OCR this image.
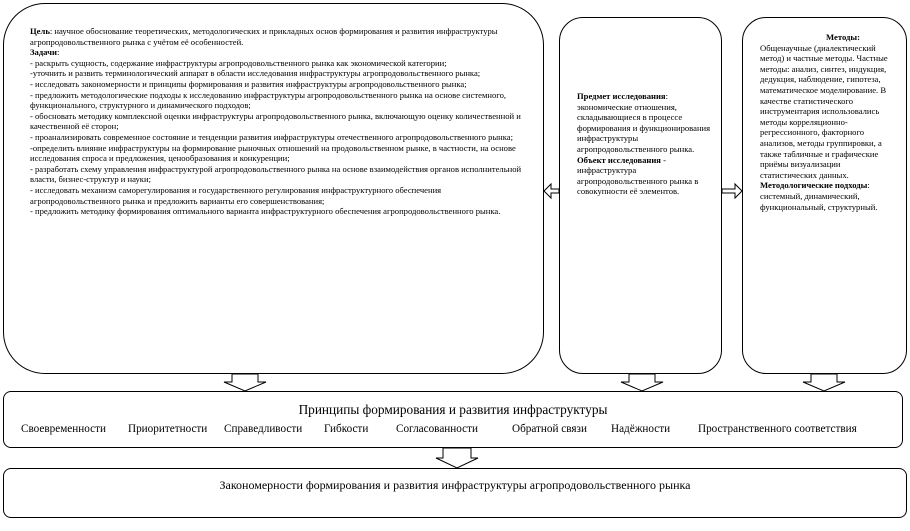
Цель: научное обоснование теоретических, методологических и прикладных основ формирования и развития инфраструктуры агропродовольственного рынка с учётом её особенностей.

Задачи:

- раскрыть сущность, содержание инфраструктуры агропродовольственного рынка как экономической категории;

-уточнить и развить терминологический аппарат в области исследования инфраструктуры агропродовольственного рынка;

- исследовать закономерности и принципы формирования и развития инфраструктуры агропродовольственного рынка;

- предложить методологические подходы к исследованию инфраструктуры агропродовольственного рынка на основе системного, функционального, структурного и динамического подходов;

- обосновать методику комплексной оценки инфраструктуры агропродовольственного рынка, включающую оценку количественной и качественной её сторон;

- проанализировать современное состояние и тенденции развития инфраструктуры отечественного агропродовольственного рынка;

-определить влияние инфраструктуры на формирование рыночных отношений на продовольственном рынке, в частности, на основе исследования спроса и предложения, ценообразования и конкуренции;

- разработать схему управления инфраструктурой агропродовольственного рынка на основе взаимодействия органов исполнительной власти, бизнес-структур и науки;

- исследовать механизм саморегулирования и государственного регулирования инфраструктурного обеспечения агропродовольственного рынка и предложить варианты его совершенствования;

- предложить методику формирования оптимального варианта инфраструктурного обеспечения агропродовольственного рынка.

Предмет исследования: экономические отношения, складывающиеся в процессе формирования и функционирования инфраструктуры агропродовольственного рынка.

Объект исследования - инфраструктура агропродовольственного рынка в совокупности её элементов.

Методы:

Общенаучные (диалектический метод) и частные методы. Частные методы: анализ, синтез, индукция, дедукция, наблюдение, гипотеза, математическое моделирование. В качестве статистического инструментария использовались методы корреляционно-регрессионного, факторного анализов, методы группировки, а также табличные и графические приёмы визуализации статистических данных.

Методологические подходы: системный, динамический, функциональный, структурный.

Принципы формирования и развития инфраструктуры
Своевременности Приоритетности Справедливости Гибкости Согласованности	Обратной связи Надёжности Пространственного соответствия
Закономерности формирования и развития инфраструктуры агропродовольственного рынка
